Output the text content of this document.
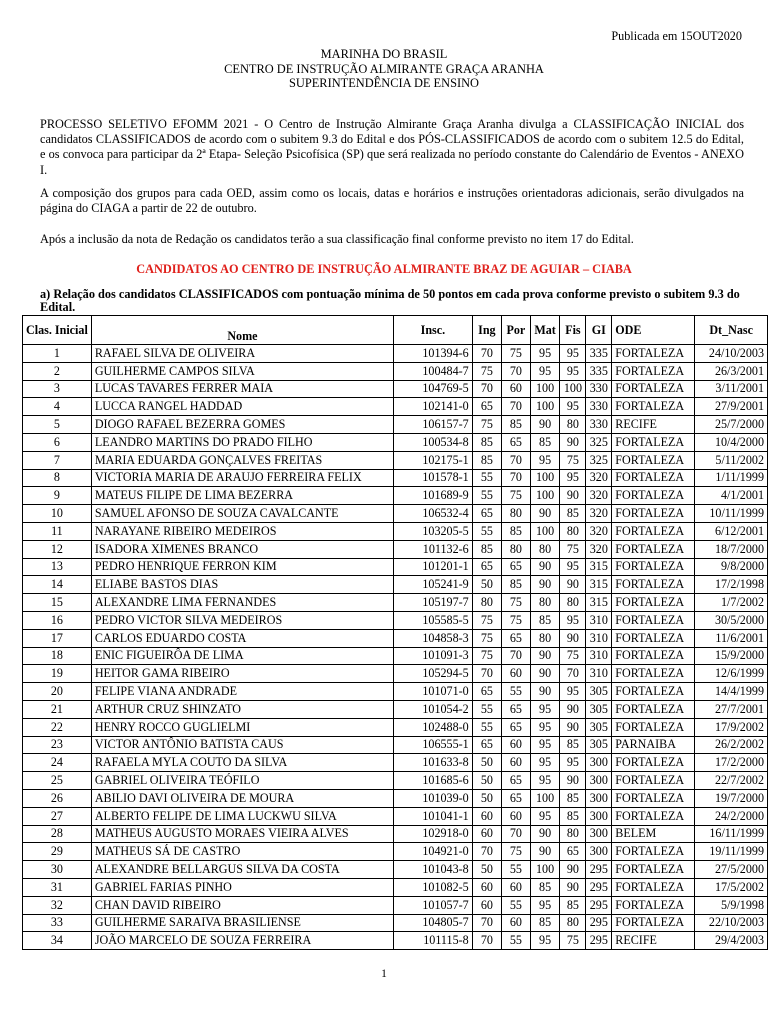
Publicada em 15OUT2020
MARINHA DO BRASIL
CENTRO DE INSTRUÇÃO ALMIRANTE GRAÇA ARANHA
SUPERINTENDÊNCIA DE ENSINO
PROCESSO SELETIVO EFOMM 2021 - O Centro de Instrução Almirante Graça Aranha divulga a CLASSIFICAÇÃO INICIAL dos candidatos CLASSIFICADOS de acordo com o subitem 9.3 do Edital e dos PÓS-CLASSIFICADOS de acordo com o subitem 12.5 do Edital, e os convoca para participar da 2ª Etapa- Seleção Psicofísica (SP) que será realizada no período constante do Calendário de Eventos - ANEXO I.
A composição dos grupos para cada OED, assim como os locais, datas e horários e instruções orientadoras adicionais, serão divulgados na página do CIAGA a partir de 22 de outubro.
Após a inclusão da nota de Redação os candidatos terão a sua classificação final conforme previsto no item 17 do Edital.
CANDIDATOS AO CENTRO DE INSTRUÇÃO ALMIRANTE BRAZ DE AGUIAR – CIABA
a) Relação dos candidatos CLASSIFICADOS com pontuação mínima de 50 pontos em cada prova conforme previsto o subitem 9.3 do Edital.
Clas. Inicial	Nome	Insc.	Ing	Por	Mat	Fis	GI	ODE	Dt_Nasc
1	RAFAEL SILVA DE OLIVEIRA	101394-6	70	75	95	95	335	FORTALEZA	24/10/2003
2	GUILHERME CAMPOS SILVA	100484-7	75	70	95	95	335	FORTALEZA	26/3/2001
3	LUCAS TAVARES FERRER MAIA	104769-5	70	60	100	100	330	FORTALEZA	3/11/2001
4	LUCCA RANGEL HADDAD	102141-0	65	70	100	95	330	FORTALEZA	27/9/2001
5	DIOGO RAFAEL BEZERRA GOMES	106157-7	75	85	90	80	330	RECIFE	25/7/2000
6	LEANDRO MARTINS DO PRADO FILHO	100534-8	85	65	85	90	325	FORTALEZA	10/4/2000
7	MARIA EDUARDA GONÇALVES FREITAS	102175-1	85	70	95	75	325	FORTALEZA	5/11/2002
8	VICTORIA MARIA DE ARAUJO FERREIRA FELIX	101578-1	55	70	100	95	320	FORTALEZA	1/11/1999
9	MATEUS FILIPE DE LIMA BEZERRA	101689-9	55	75	100	90	320	FORTALEZA	4/1/2001
10	SAMUEL AFONSO DE SOUZA CAVALCANTE	106532-4	65	80	90	85	320	FORTALEZA	10/11/1999
11	NARAYANE RIBEIRO MEDEIROS	103205-5	55	85	100	80	320	FORTALEZA	6/12/2001
12	ISADORA XIMENES BRANCO	101132-6	85	80	80	75	320	FORTALEZA	18/7/2000
13	PEDRO HENRIQUE FERRON KIM	101201-1	65	65	90	95	315	FORTALEZA	9/8/2000
14	ELIABE BASTOS DIAS	105241-9	50	85	90	90	315	FORTALEZA	17/2/1998
15	ALEXANDRE LIMA FERNANDES	105197-7	80	75	80	80	315	FORTALEZA	1/7/2002
16	PEDRO VICTOR SILVA MEDEIROS	105585-5	75	75	85	95	310	FORTALEZA	30/5/2000
17	CARLOS EDUARDO COSTA	104858-3	75	65	80	90	310	FORTALEZA	11/6/2001
18	ENIC FIGUEIRÔA DE LIMA	101091-3	75	70	90	75	310	FORTALEZA	15/9/2000
19	HEITOR GAMA RIBEIRO	105294-5	70	60	90	70	310	FORTALEZA	12/6/1999
20	FELIPE VIANA ANDRADE	101071-0	65	55	90	95	305	FORTALEZA	14/4/1999
21	ARTHUR CRUZ SHINZATO	101054-2	55	65	95	90	305	FORTALEZA	27/7/2001
22	HENRY ROCCO GUGLIELMI	102488-0	55	65	95	90	305	FORTALEZA	17/9/2002
23	VICTOR ANTÔNIO BATISTA CAUS	106555-1	65	60	95	85	305	PARNAIBA	26/2/2002
24	RAFAELA MYLA COUTO DA SILVA	101633-8	50	60	95	95	300	FORTALEZA	17/2/2000
25	GABRIEL OLIVEIRA TEÓFILO	101685-6	50	65	95	90	300	FORTALEZA	22/7/2002
26	ABILIO DAVI OLIVEIRA DE MOURA	101039-0	50	65	100	85	300	FORTALEZA	19/7/2000
27	ALBERTO FELIPE DE LIMA LUCKWU SILVA	101041-1	60	60	95	85	300	FORTALEZA	24/2/2000
28	MATHEUS AUGUSTO MORAES VIEIRA ALVES	102918-0	60	70	90	80	300	BELEM	16/11/1999
29	MATHEUS SÁ DE CASTRO	104921-0	70	75	90	65	300	FORTALEZA	19/11/1999
30	ALEXANDRE BELLARGUS SILVA DA COSTA	101043-8	50	55	100	90	295	FORTALEZA	27/5/2000
31	GABRIEL FARIAS PINHO	101082-5	60	60	85	90	295	FORTALEZA	17/5/2002
32	CHAN DAVID RIBEIRO	101057-7	60	55	95	85	295	FORTALEZA	5/9/1998
33	GUILHERME SARAIVA BRASILIENSE	104805-7	70	60	85	80	295	FORTALEZA	22/10/2003
34	JOÃO MARCELO DE SOUZA FERREIRA	101115-8	70	55	95	75	295	RECIFE	29/4/2003
1
